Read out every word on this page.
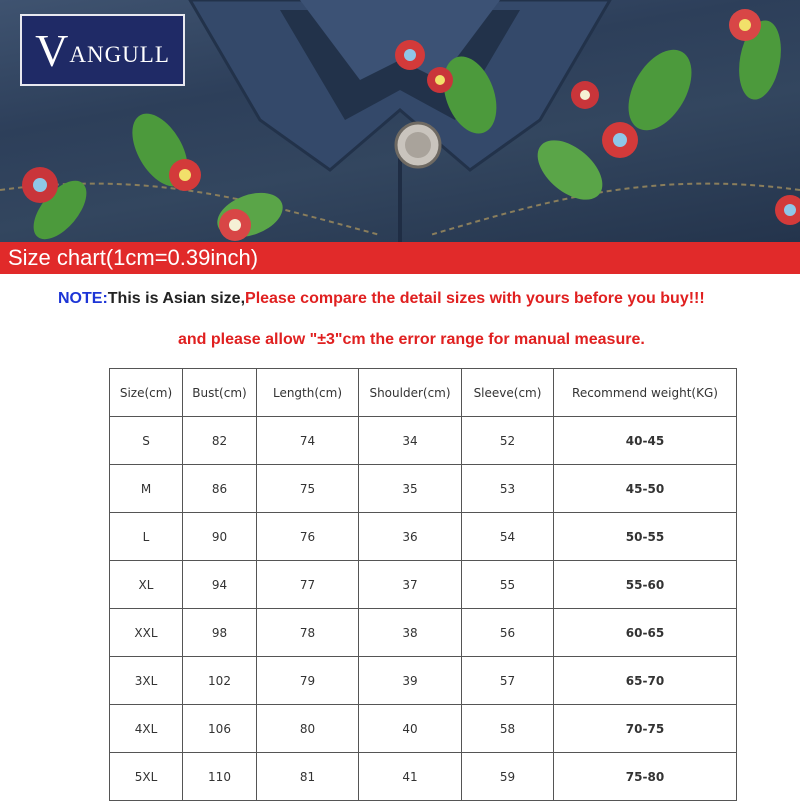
VANGULL
Size chart(1cm=0.39inch)
NOTE:This is Asian size,Please compare the detail sizes with yours before you buy!!!
and please allow "±3"cm the error range for manual measure.
Size(cm)	Bust(cm)	Length(cm)	Shoulder(cm)	Sleeve(cm)	Recommend weight(KG)
S	82	74	34	52	40-45
M	86	75	35	53	45-50
L	90	76	36	54	50-55
XL	94	77	37	55	55-60
XXL	98	78	38	56	60-65
3XL	102	79	39	57	65-70
4XL	106	80	40	58	70-75
5XL	110	81	41	59	75-80
